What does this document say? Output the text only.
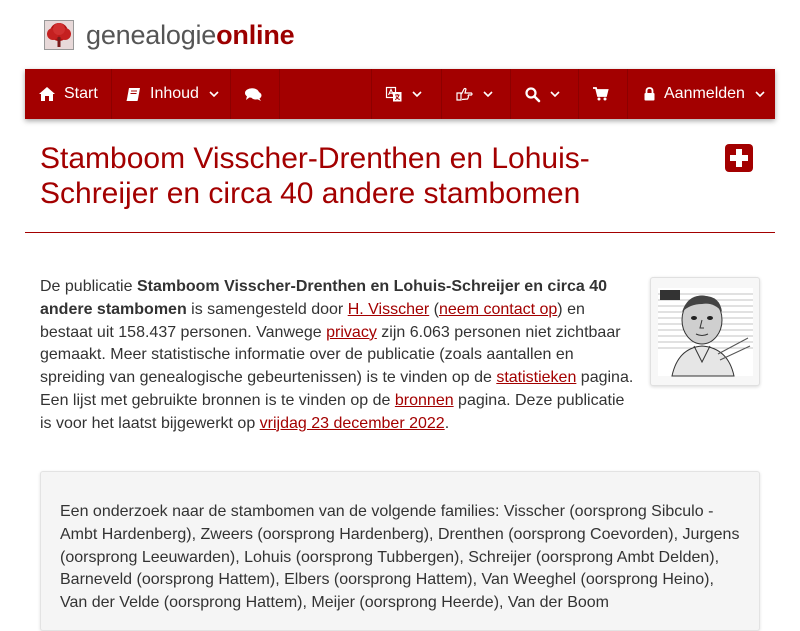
genealogieonline
Start	Inhoud	Aanmelden
Stamboom Visscher-Drenthen en Lohuis-Schreijer en circa 40 andere stambomen

De publicatie Stamboom Visscher-Drenthen en Lohuis-Schreijer en circa 40 andere stambomen is samengesteld door H. Visscher (neem contact op) en bestaat uit 158.437 personen. Vanwege privacy zijn 6.063 personen niet zichtbaar gemaakt. Meer statistische informatie over de publicatie (zoals aantallen en spreiding van genealogische gebeurtenissen) is te vinden op de statistieken pagina. Een lijst met gebruikte bronnen is te vinden op de bronnen pagina. Deze publicatie is voor het laatst bijgewerkt op vrijdag 23 december 2022.

Een onderzoek naar de stambomen van de volgende families: Visscher (oorsprong Sibculo - Ambt Hardenberg), Zweers (oorsprong Hardenberg), Drenthen (oorsprong Coevorden), Jurgens (oorsprong Leeuwarden), Lohuis (oorsprong Tubbergen), Schreijer (oorsprong Ambt Delden), Barneveld (oorsprong Hattem), Elbers (oorsprong Hattem), Van Weeghel (oorsprong Heino), Van der Velde (oorsprong Hattem), Meijer (oorsprong Heerde), Van der Boom
